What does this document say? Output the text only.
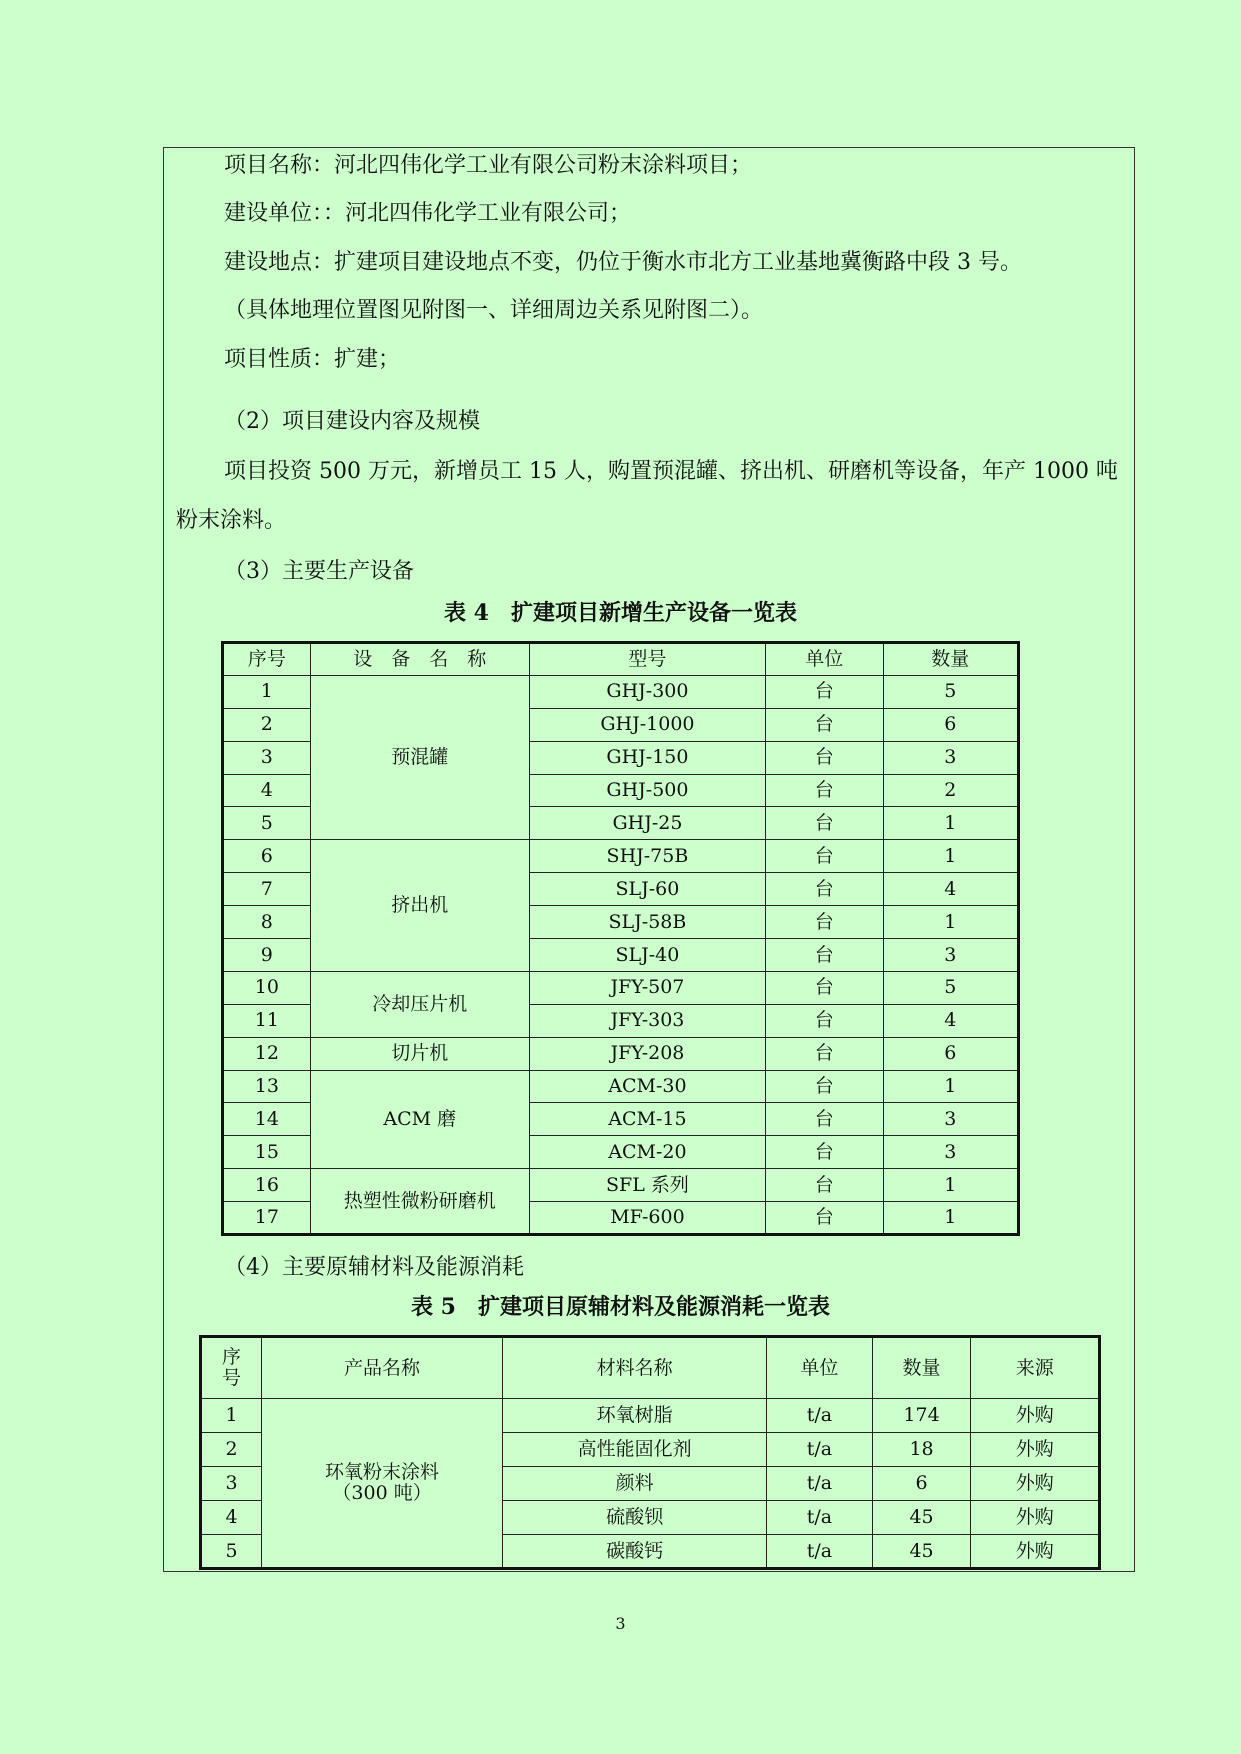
项目名称：河北四伟化学工业有限公司粉末涂料项目；
建设单位：：河北四伟化学工业有限公司；
建设地点：扩建项目建设地点不变，仍位于衡水市北方工业基地冀衡路中段 3 号。
（具体地理位置图见附图一、详细周边关系见附图二）。
项目性质：扩建；
（2）项目建设内容及规模
项目投资 500 万元，新增员工 15 人，购置预混罐、挤出机、研磨机等设备，年产 1000 吨
粉末涂料。
（3）主要生产设备
表 4　扩建项目新增生产设备一览表
序号	设　备　名　称	型号	单位	数量
1	预混罐	GHJ-300	台	5
2		GHJ-1000	台	6
3		GHJ-150	台	3
4		GHJ-500	台	2
5		GHJ-25	台	1
6	挤出机	SHJ-75B	台	1
7		SLJ-60	台	4
8		SLJ-58B	台	1
9		SLJ-40	台	3
10	冷却压片机	JFY-507	台	5
11		JFY-303	台	4
12	切片机	JFY-208	台	6
13	ACM 磨	ACM-30	台	1
14		ACM-15	台	3
15		ACM-20	台	3
16	热塑性微粉研磨机	SFL 系列	台	1
17		MF-600	台	1
（4）主要原辅材料及能源消耗
表 5　扩建项目原辅材料及能源消耗一览表
序号	产品名称	材料名称	单位	数量	来源
1	环氧粉末涂料
（300 吨）	环氧树脂	t/a	174	外购
2		高性能固化剂	t/a	18	外购
3		颜料	t/a	6	外购
4		硫酸钡	t/a	45	外购
5		碳酸钙	t/a	45	外购
3
